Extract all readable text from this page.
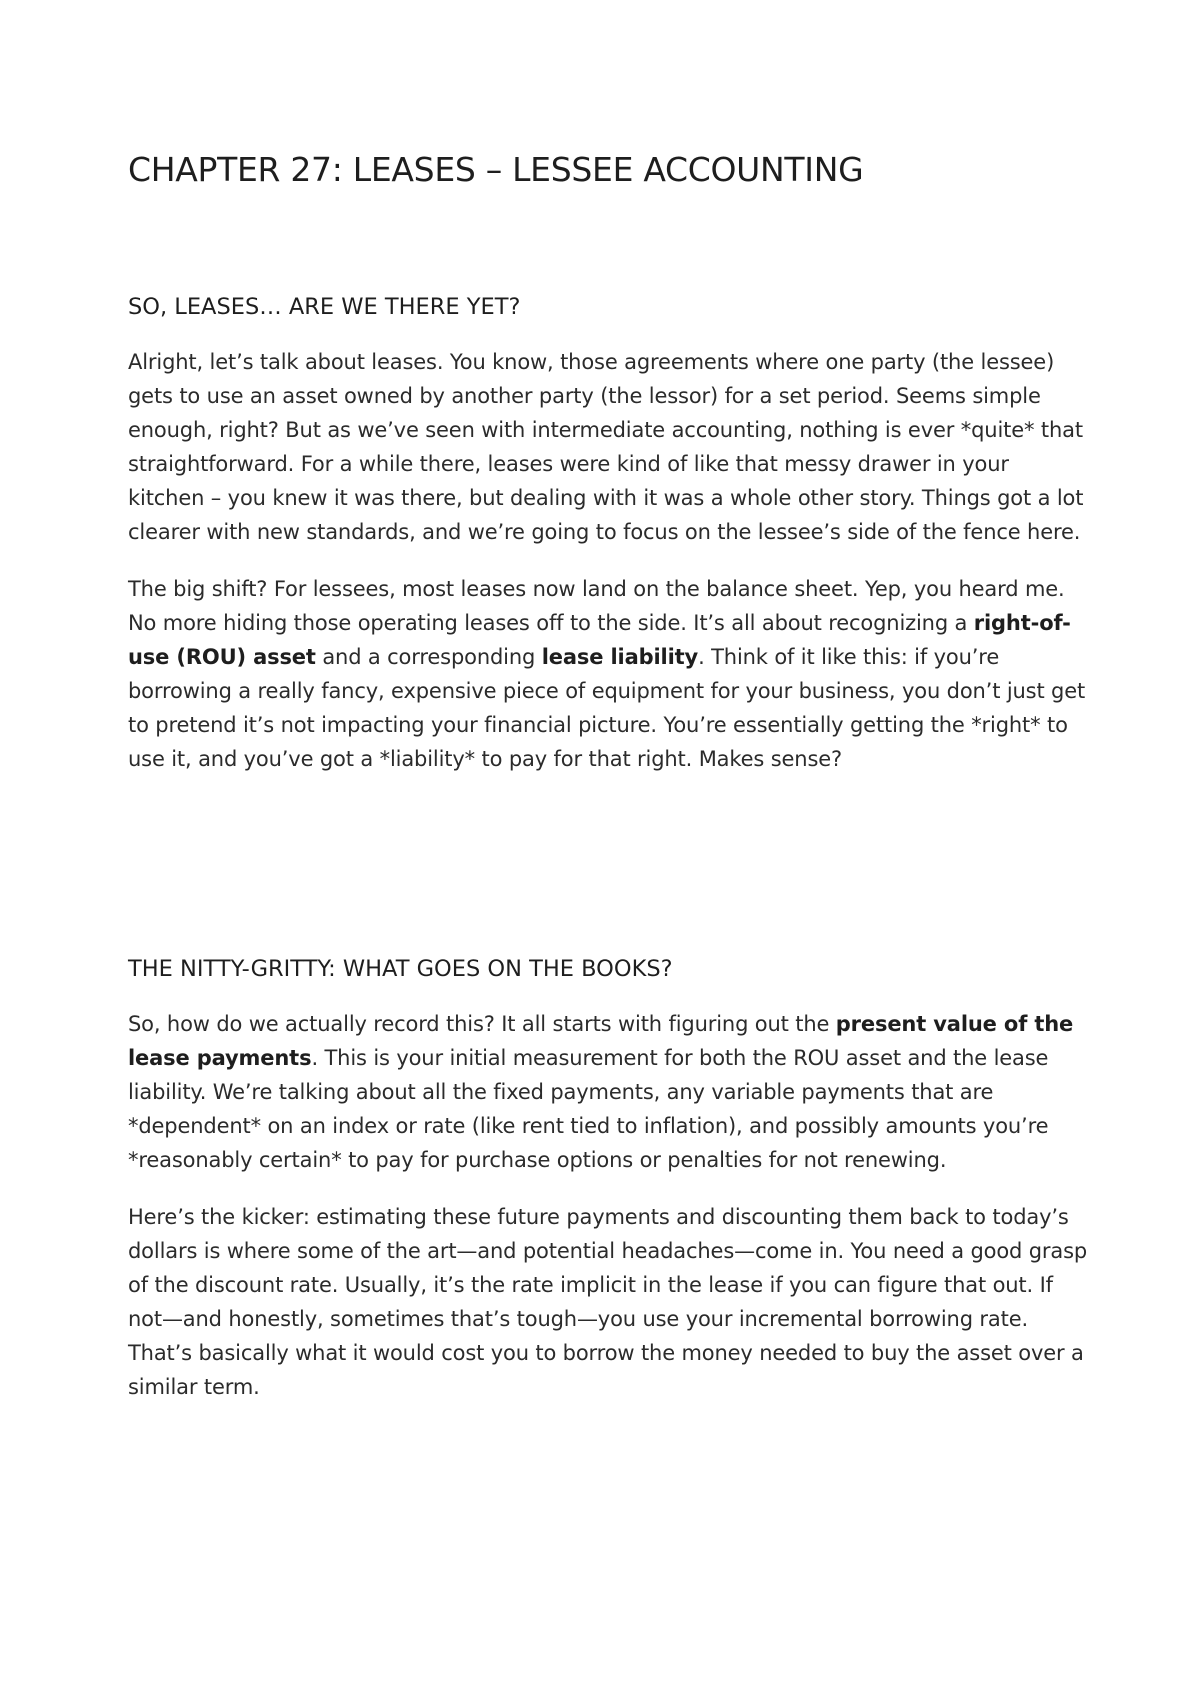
CHAPTER 27: LEASES – LESSEE ACCOUNTING
SO, LEASES… ARE WE THERE YET?

Alright, let’s talk about leases. You know, those agreements where one party (the lessee) gets to use an asset owned by another party (the lessor) for a set period. Seems simple enough, right? But as we’ve seen with intermediate accounting, nothing is ever *quite* that straightforward. For a while there, leases were kind of like that messy drawer in your kitchen – you knew it was there, but dealing with it was a whole other story. Things got a lot clearer with new standards, and we’re going to focus on the lessee’s side of the fence here.

The big shift? For lessees, most leases now land on the balance sheet. Yep, you heard me. No more hiding those operating leases off to the side. It’s all about recognizing a right-of-use (ROU) asset and a corresponding lease liability. Think of it like this: if you’re borrowing a really fancy, expensive piece of equipment for your business, you don’t just get to pretend it’s not impacting your financial picture. You’re essentially getting the *right* to use it, and you’ve got a *liability* to pay for that right. Makes sense?

THE NITTY-GRITTY: WHAT GOES ON THE BOOKS?

So, how do we actually record this? It all starts with figuring out the present value of the lease payments. This is your initial measurement for both the ROU asset and the lease liability. We’re talking about all the fixed payments, any variable payments that are *dependent* on an index or rate (like rent tied to inflation), and possibly amounts you’re *reasonably certain* to pay for purchase options or penalties for not renewing.

Here’s the kicker: estimating these future payments and discounting them back to today’s dollars is where some of the art—and potential headaches—come in. You need a good grasp of the discount rate. Usually, it’s the rate implicit in the lease if you can figure that out. If not—and honestly, sometimes that’s tough—you use your incremental borrowing rate. That’s basically what it would cost you to borrow the money needed to buy the asset over a similar term.
